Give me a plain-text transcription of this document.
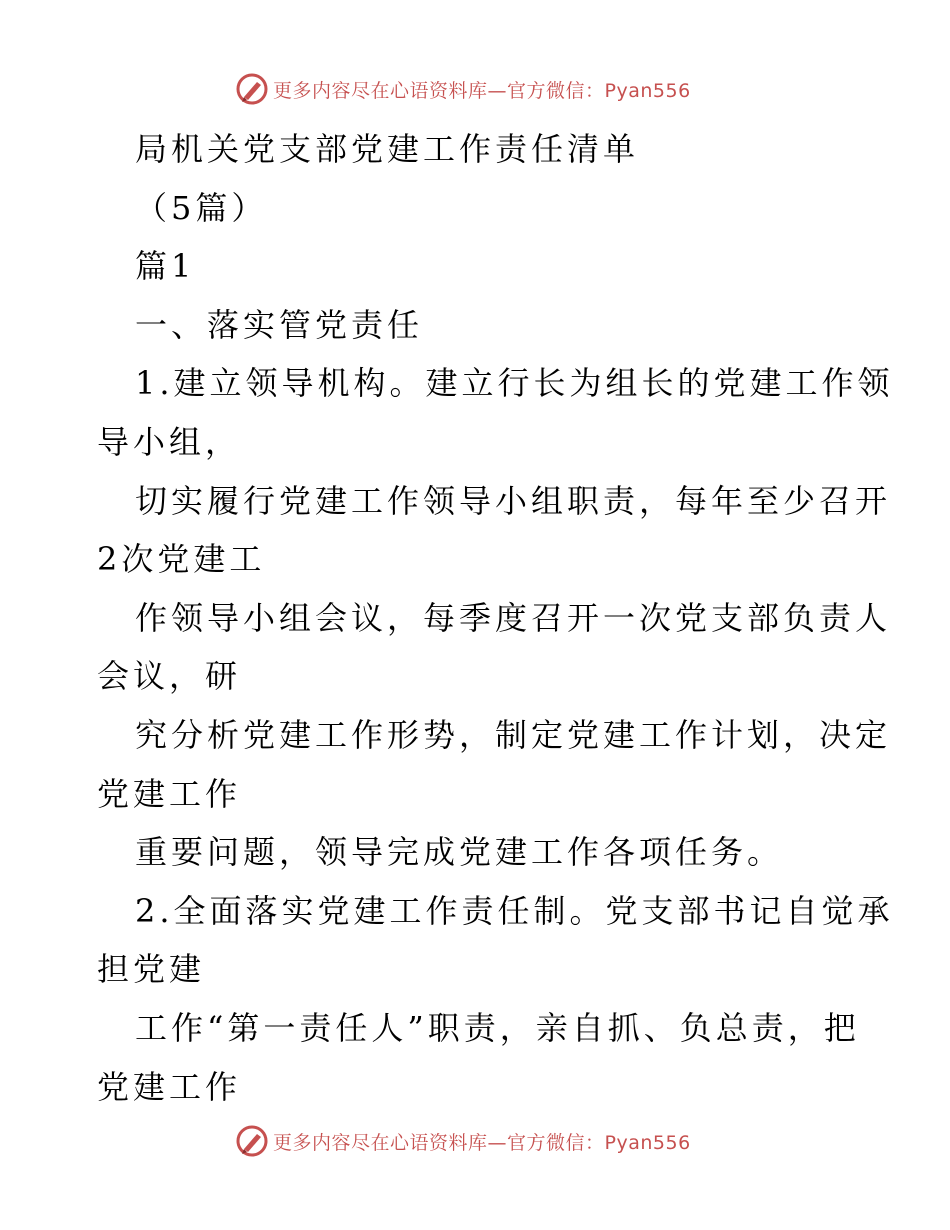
更多内容尽在心语资料库—官方微信：Pyan556
局机关党支部党建工作责任清单
（5篇）
篇1
一、落实管党责任
1.建立领导机构。建立行长为组长的党建工作领
导小组，
切实履行党建工作领导小组职责，每年至少召开
2次党建工
作领导小组会议，每季度召开一次党支部负责人
会议，研
究分析党建工作形势，制定党建工作计划，决定
党建工作
重要问题，领导完成党建工作各项任务。
2.全面落实党建工作责任制。党支部书记自觉承
担党建
工作“第一责任人”职责，亲自抓、负总责，把
党建工作
更多内容尽在心语资料库—官方微信：Pyan556
